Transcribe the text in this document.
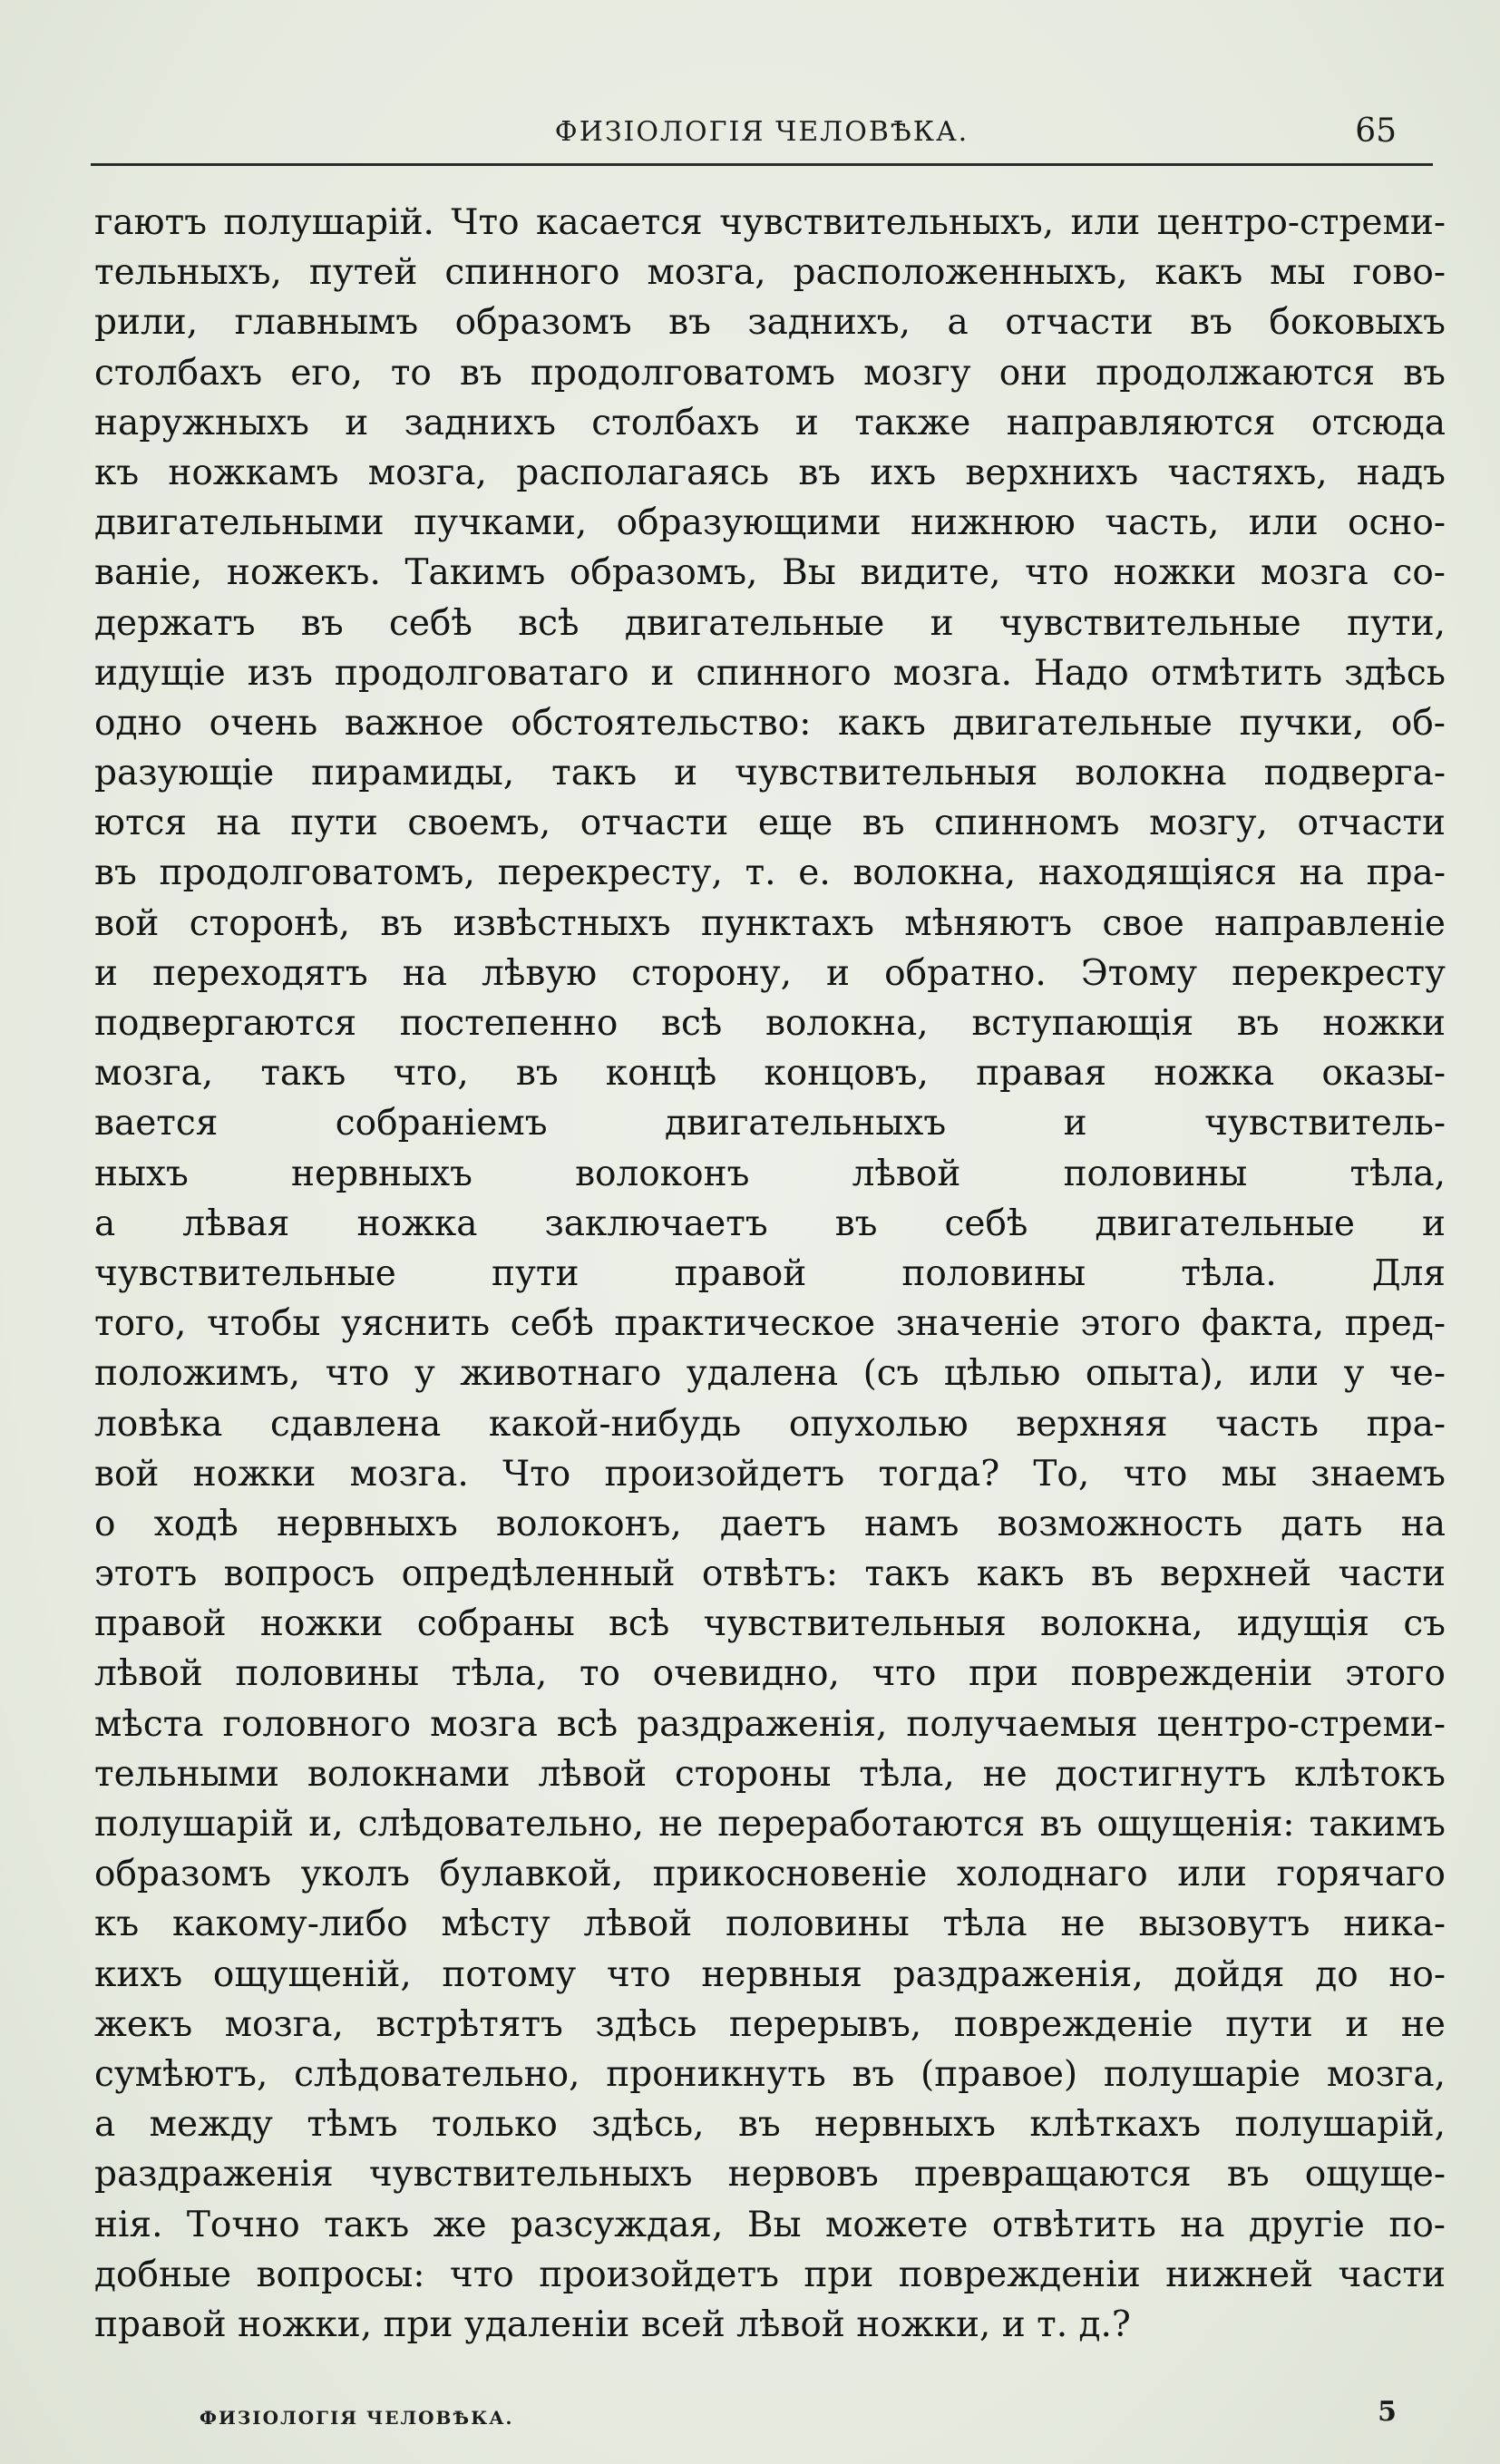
ФИЗІОЛОГІЯ ЧЕЛОВѢКА.	65
гаютъ полушарій. Что касается чувствительныхъ, или центро-стреми-
тельныхъ, путей спинного мозга, расположенныхъ, какъ мы гово-
рили, главнымъ образомъ въ заднихъ, а отчасти въ боковыхъ
столбахъ его, то въ продолговатомъ мозгу они продолжаются въ
наружныхъ и заднихъ столбахъ и также направляются отсюда
къ ножкамъ мозга, располагаясь въ ихъ верхнихъ частяхъ, надъ
двигательными пучками, образующими нижнюю часть, или осно-
ваніе, ножекъ. Такимъ образомъ, Вы видите, что ножки мозга со-
держатъ въ себѣ всѣ двигательные и чувствительные пути,
идущіе изъ продолговатаго и спинного мозга. Надо отмѣтить здѣсь
одно очень важное обстоятельство: какъ двигательные пучки, об-
разующіе пирамиды, такъ и чувствительныя волокна подверга-
ются на пути своемъ, отчасти еще въ спинномъ мозгу, отчасти
въ продолговатомъ, перекресту, т. е. волокна, находящіяся на пра-
вой сторонѣ, въ извѣстныхъ пунктахъ мѣняютъ свое направленіе
и переходятъ на лѣвую сторону, и обратно. Этому перекресту
подвергаются постепенно всѣ волокна, вступающія въ ножки
мозга, такъ что, въ концѣ концовъ, правая ножка оказы-
вается собраніемъ двигательныхъ и чувствитель-
ныхъ нервныхъ волоконъ лѣвой половины тѣла,
а лѣвая ножка заключаетъ въ себѣ двигательные и
чувствительные пути правой половины тѣла. Для
того, чтобы уяснить себѣ практическое значеніе этого факта, пред-
положимъ, что у животнаго удалена (съ цѣлью опыта), или у че-
ловѣка сдавлена какой-нибудь опухолью верхняя часть пра-
вой ножки мозга. Что произойдетъ тогда? То, что мы знаемъ
о ходѣ нервныхъ волоконъ, даетъ намъ возможность дать на
этотъ вопросъ опредѣленный отвѣтъ: такъ какъ въ верхней части
правой ножки собраны всѣ чувствительныя волокна, идущія съ
лѣвой половины тѣла, то очевидно, что при поврежденіи этого
мѣста головного мозга всѣ раздраженія, получаемыя центро-стреми-
тельными волокнами лѣвой стороны тѣла, не достигнутъ клѣтокъ
полушарій и, слѣдовательно, не переработаются въ ощущенія: такимъ
образомъ уколъ булавкой, прикосновеніе холоднаго или горячаго
къ какому-либо мѣсту лѣвой половины тѣла не вызовутъ ника-
кихъ ощущеній, потому что нервныя раздраженія, дойдя до но-
жекъ мозга, встрѣтятъ здѣсь перерывъ, поврежденіе пути и не
сумѣютъ, слѣдовательно, проникнуть въ (правое) полушаріе мозга,
а между тѣмъ только здѣсь, въ нервныхъ клѣткахъ полушарій,
раздраженія чувствительныхъ нервовъ превращаются въ ощуще-
нія. Точно такъ же разсуждая, Вы можете отвѣтить на другіе по-
добные вопросы: что произойдетъ при поврежденіи нижней части
правой ножки, при удаленіи всей лѣвой ножки, и т. д.?
ФИЗІОЛОГІЯ ЧЕЛОВѢКА.	5
